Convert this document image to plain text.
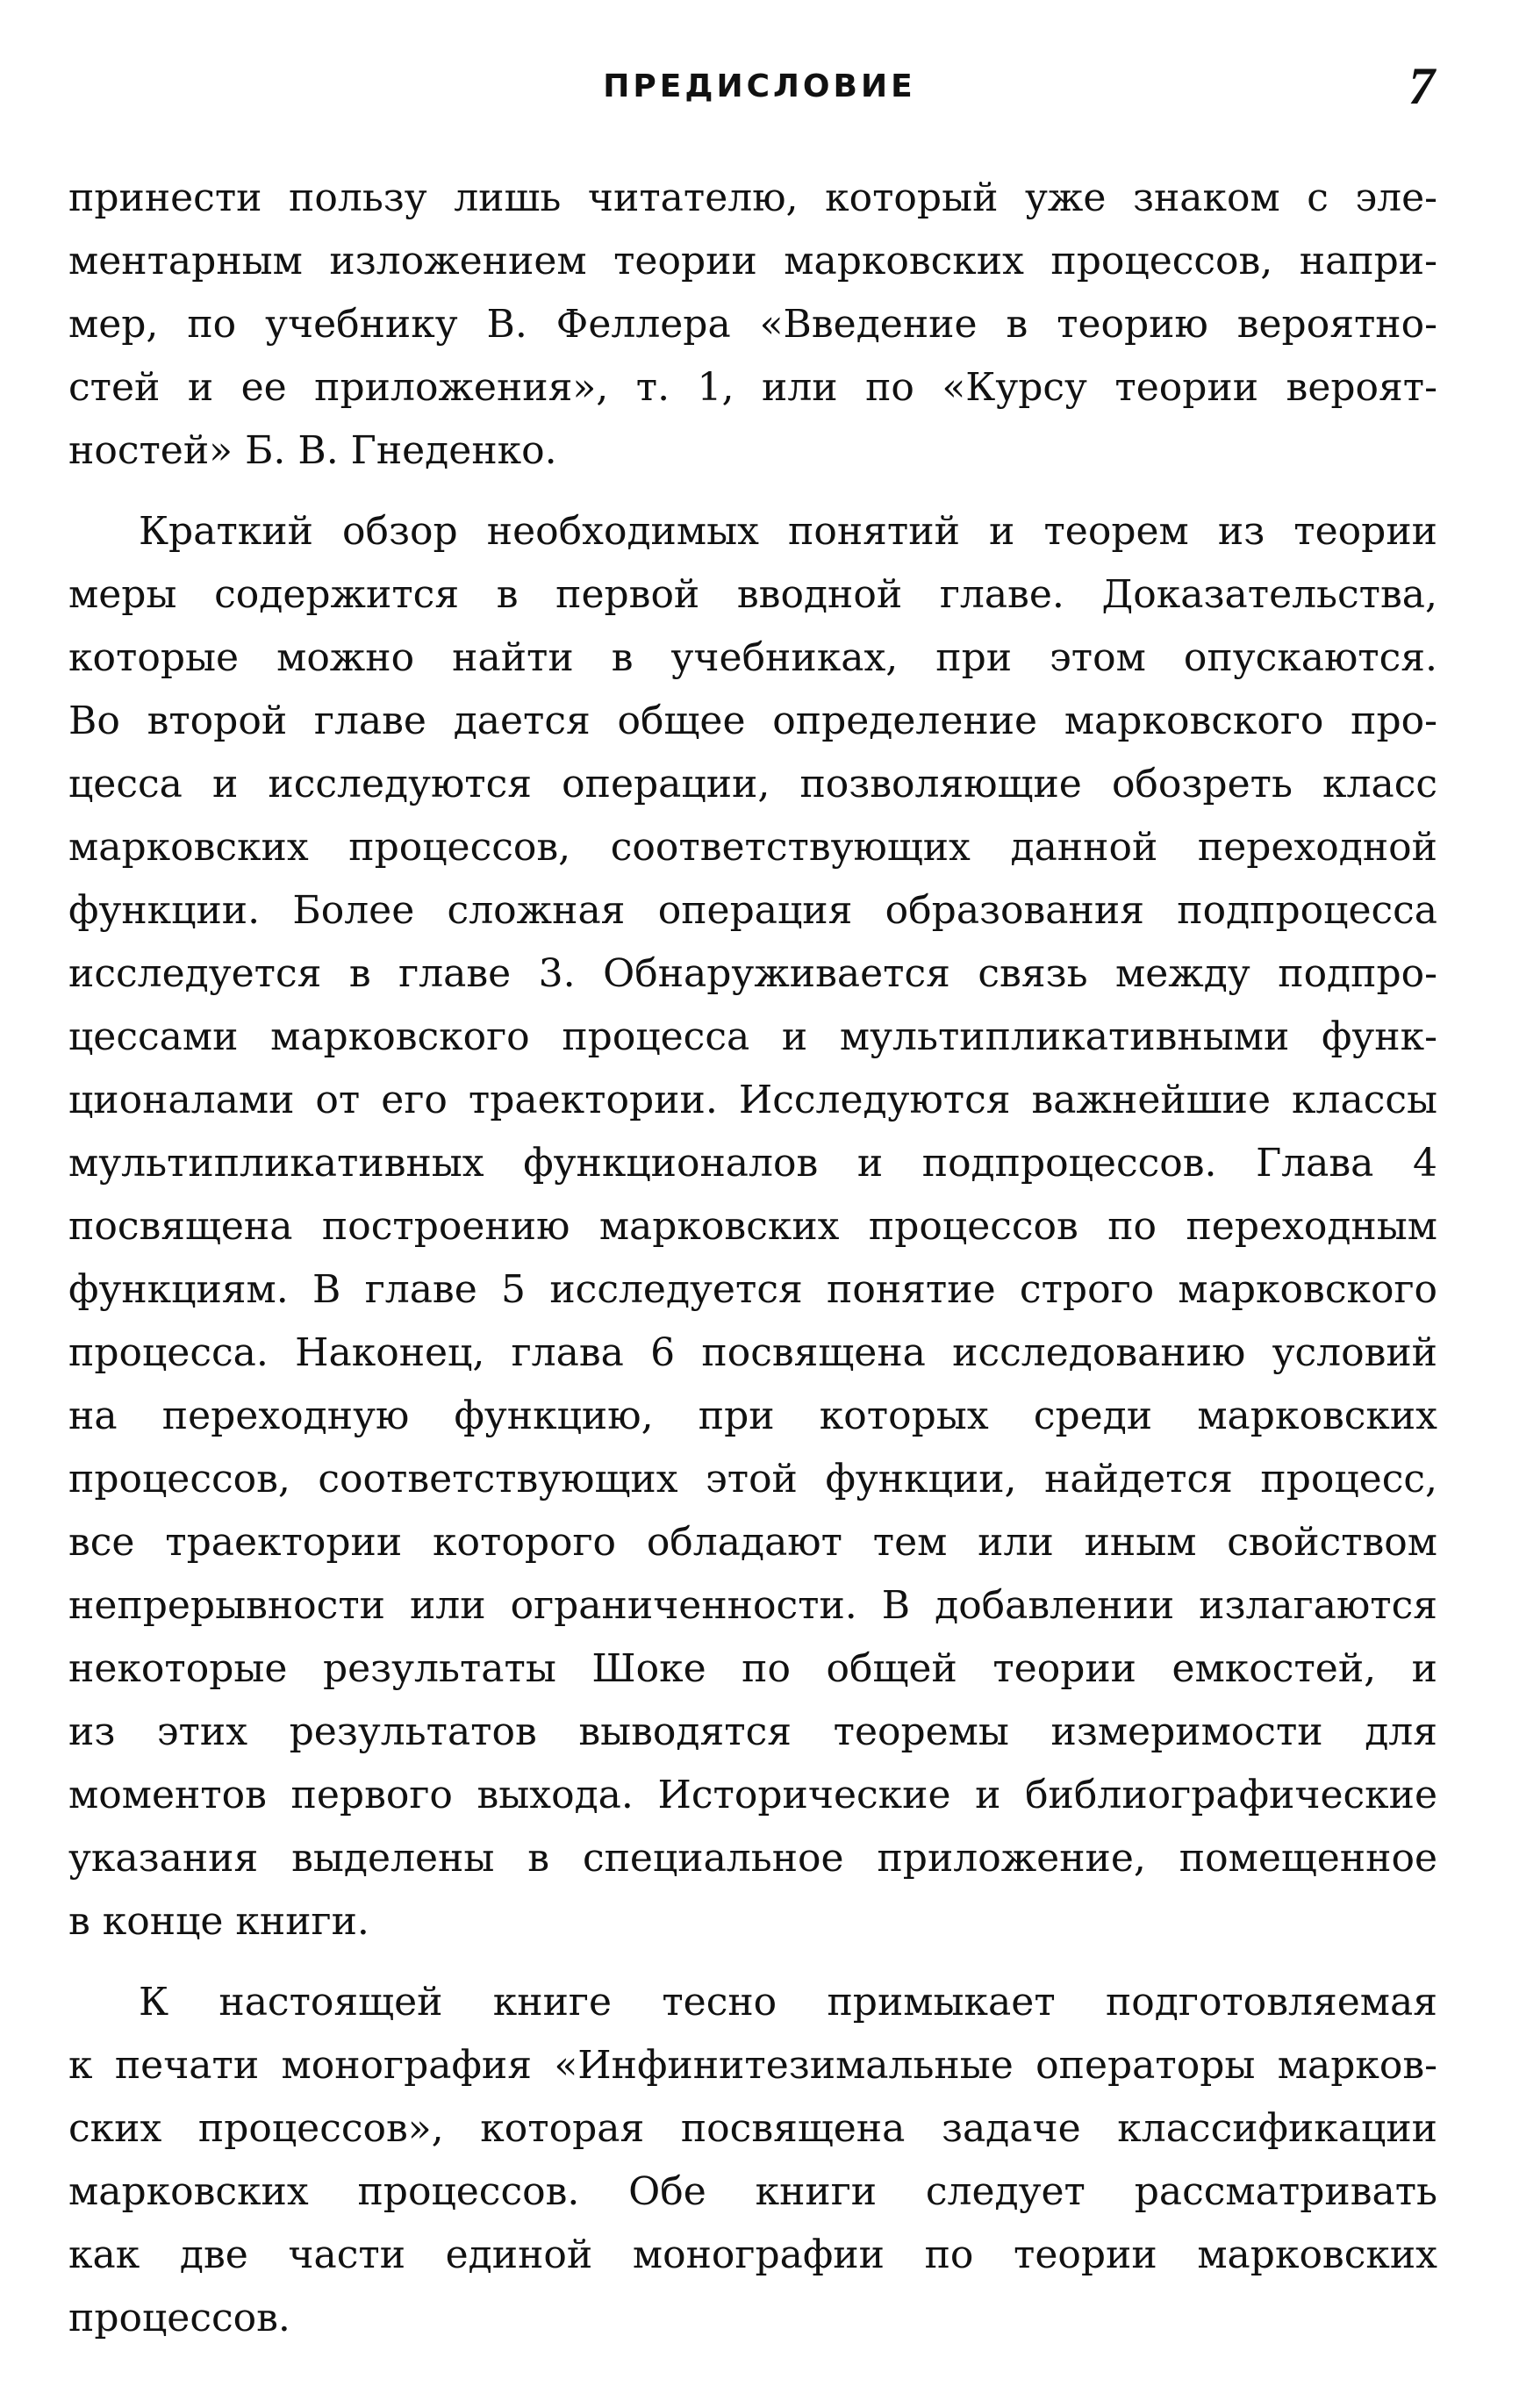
ПРЕДИСЛОВИЕ	7
принести пользу лишь читателю, который уже знаком с эле-
ментарным изложением теории марковских процессов, напри-
мер, по учебнику В. Феллера «Введение в теорию вероятно-
стей и ее приложения», т. 1, или по «Курсу теории вероят-
ностей» Б. В. Гнеденко.
Краткий обзор необходимых понятий и теорем из теории
меры содержится в первой вводной главе. Доказательства,
которые можно найти в учебниках, при этом опускаются.
Во второй главе дается общее определение марковского про-
цесса и исследуются операции, позволяющие обозреть класс
марковских процессов, соответствующих данной переходной
функции. Более сложная операция образования подпроцесса
исследуется в главе 3. Обнаруживается связь между подпро-
цессами марковского процесса и мультипликативными функ-
ционалами от его траектории. Исследуются важнейшие классы
мультипликативных функционалов и подпроцессов. Глава 4
посвящена построению марковских процессов по переходным
функциям. В главе 5 исследуется понятие строго марковского
процесса. Наконец, глава 6 посвящена исследованию условий
на переходную функцию, при которых среди марковских
процессов, соответствующих этой функции, найдется процесс,
все траектории которого обладают тем или иным свойством
непрерывности или ограниченности. В добавлении излагаются
некоторые результаты Шоке по общей теории емкостей, и
из этих результатов выводятся теоремы измеримости для
моментов первого выхода. Исторические и библиографические
указания выделены в специальное приложение, помещенное
в конце книги.
К настоящей книге тесно примыкает подготовляемая
к печати монография «Инфинитезимальные операторы марков-
ских процессов», которая посвящена задаче классификации
марковских процессов. Обе книги следует рассматривать
как две части единой монографии по теории марковских
процессов.
